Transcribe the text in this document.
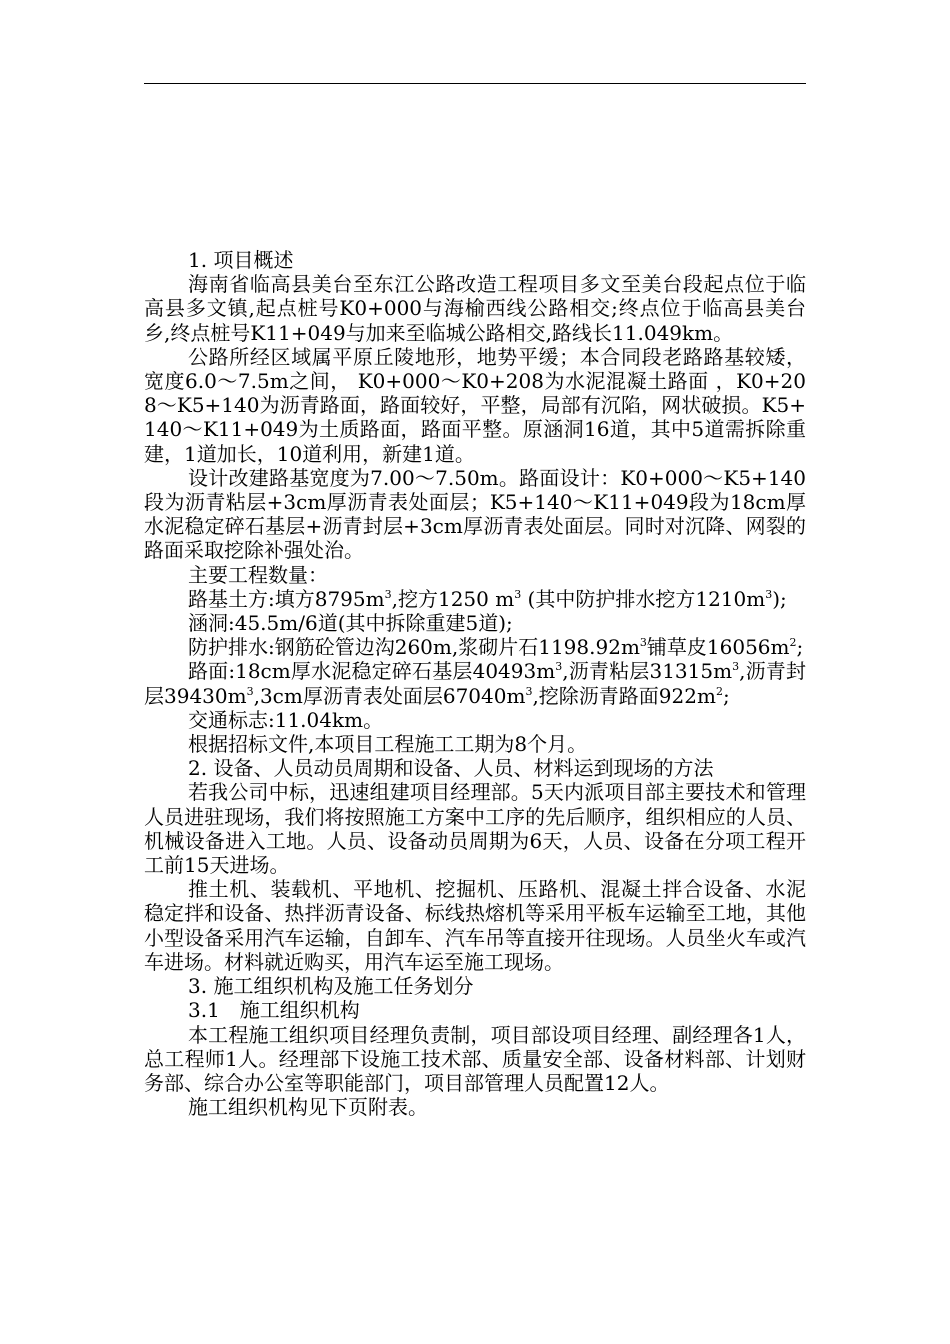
1. 项目概述

海南省临高县美台至东江公路改造工程项目多文至美台段起点位于临高县多文镇,起点桩号K0+000与海榆西线公路相交;终点位于临高县美台乡,终点桩号K11+049与加来至临城公路相交,路线长11.049km。

公路所经区域属平原丘陵地形，地势平缓；本合同段老路路基较矮， 宽度6.0～7.5m之间， K0+000～K0+208为水泥混凝土路面 ，K0+208～K5+140为沥青路面，路面较好，平整，局部有沉陷，网状破损。K5+140～K11+049为土质路面，路面平整。原涵洞16道，其中5道需拆除重建，1道加长，10道利用，新建1道。

设计改建路基宽度为7.00～7.50m。路面设计：K0+000～K5+140段为沥青粘层+3cm厚沥青表处面层；K5+140～K11+049段为18cm厚水泥稳定碎石基层+沥青封层+3cm厚沥青表处面层。同时对沉降、网裂的路面采取挖除补强处治。

主要工程数量：

路基土方:填方$8795m^3$,挖方1250 $m^3$ (其中防护排水挖方$1210m^3$);

涵洞:45.5m/6道(其中拆除重建5道);

防护排水:钢筋砼管边沟260m,浆砌片石$1198.92m^3$铺草皮$16056m^2$;

路面:18cm厚水泥稳定碎石基层$40493m^3$,沥青粘层$31315m^3$,沥青封层$39430m^3,3cm$厚沥青表处面层$67040m^3$,挖除沥青路面$922m^2$;

交通标志:11.04km。

根据招标文件,本项目工程施工工期为8个月。

2. 设备、人员动员周期和设备、人员、材料运到现场的方法

若我公司中标，迅速组建项目经理部。5天内派项目部主要技术和管理人员进驻现场，我们将按照施工方案中工序的先后顺序，组织相应的人员、机械设备进入工地。人员、设备动员周期为6天，人员、设备在分项工程开工前15天进场。

推土机、装载机、平地机、挖掘机、压路机、混凝土拌合设备、水泥稳定拌和设备、热拌沥青设备、标线热熔机等采用平板车运输至工地，其他小型设备采用汽车运输，自卸车、汽车吊等直接开往现场。人员坐火车或汽车进场。材料就近购买，用汽车运至施工现场。

3. 施工组织机构及施工任务划分

3.1　施工组织机构

本工程施工组织项目经理负责制，项目部设项目经理、副经理各1人，总工程师1人。经理部下设施工技术部、质量安全部、设备材料部、计划财务部、综合办公室等职能部门，项目部管理人员配置12人。

施工组织机构见下页附表。
